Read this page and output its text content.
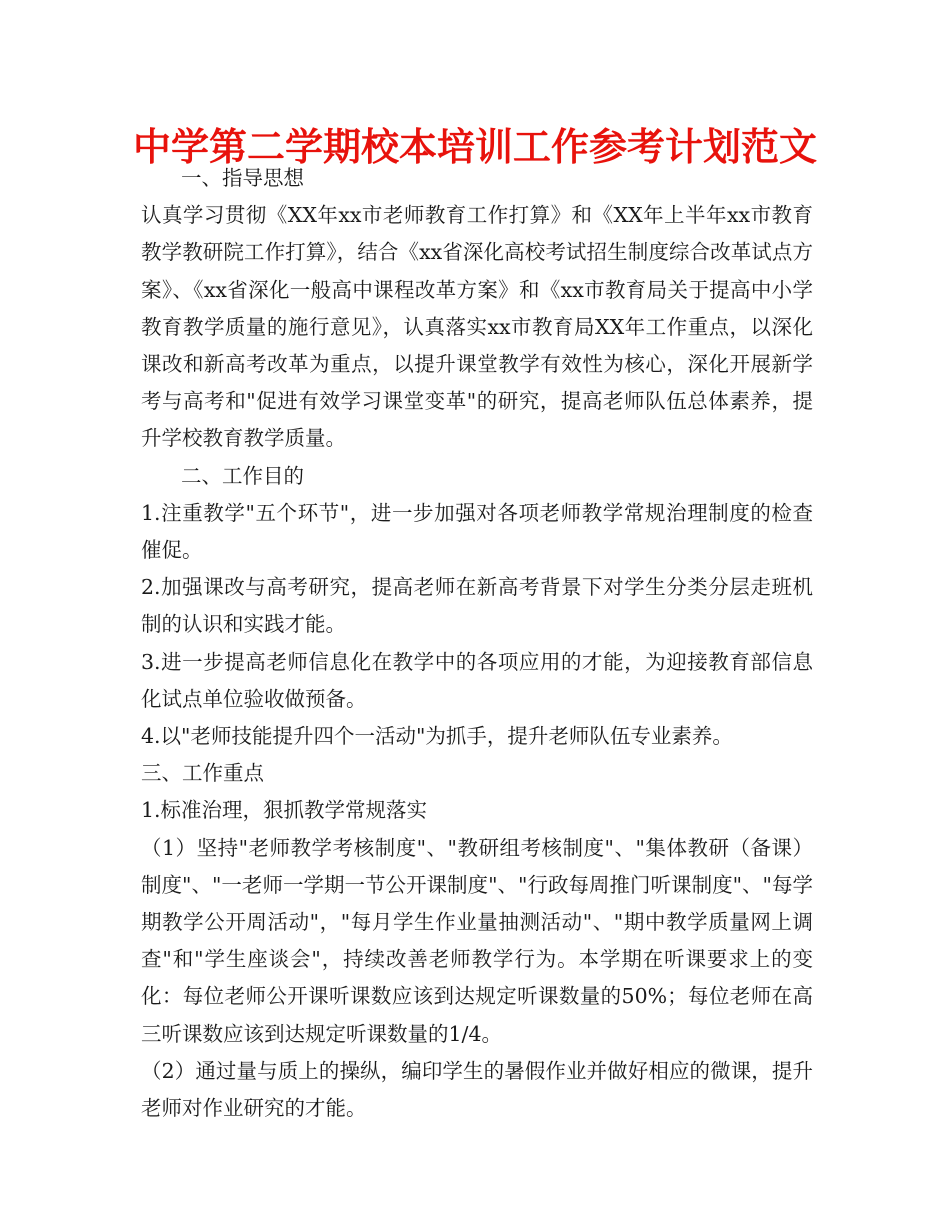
中学第二学期校本培训工作参考计划范文

一、指导思想

认真学习贯彻《XX年xx市老师教育工作打算》和《XX年上半年xx市教育教学教研院工作打算》，结合《xx省深化高校考试招生制度综合改革试点方案》、《xx省深化一般高中课程改革方案》和《xx市教育局关于提高中小学教育教学质量的施行意见》，认真落实xx市教育局XX年工作重点，以深化课改和新高考改革为重点，以提升课堂教学有效性为核心，深化开展新学考与高考和"促进有效学习课堂变革"的研究，提高老师队伍总体素养，提升学校教育教学质量。

二、工作目的

1.注重教学"五个环节"，进一步加强对各项老师教学常规治理制度的检查催促。

2.加强课改与高考研究，提高老师在新高考背景下对学生分类分层走班机制的认识和实践才能。

3.进一步提高老师信息化在教学中的各项应用的才能，为迎接教育部信息化试点单位验收做预备。

4.以"老师技能提升四个一活动"为抓手，提升老师队伍专业素养。

三、工作重点

1.标准治理，狠抓教学常规落实

（1）坚持"老师教学考核制度"、"教研组考核制度"、"集体教研（备课）制度"、"一老师一学期一节公开课制度"、"行政每周推门听课制度"、"每学期教学公开周活动"，"每月学生作业量抽测活动"、"期中教学质量网上调查"和"学生座谈会"，持续改善老师教学行为。本学期在听课要求上的变化：每位老师公开课听课数应该到达规定听课数量的50%；每位老师在高三听课数应该到达规定听课数量的1/4。

（2）通过量与质上的操纵，编印学生的暑假作业并做好相应的微课，提升老师对作业研究的才能。
